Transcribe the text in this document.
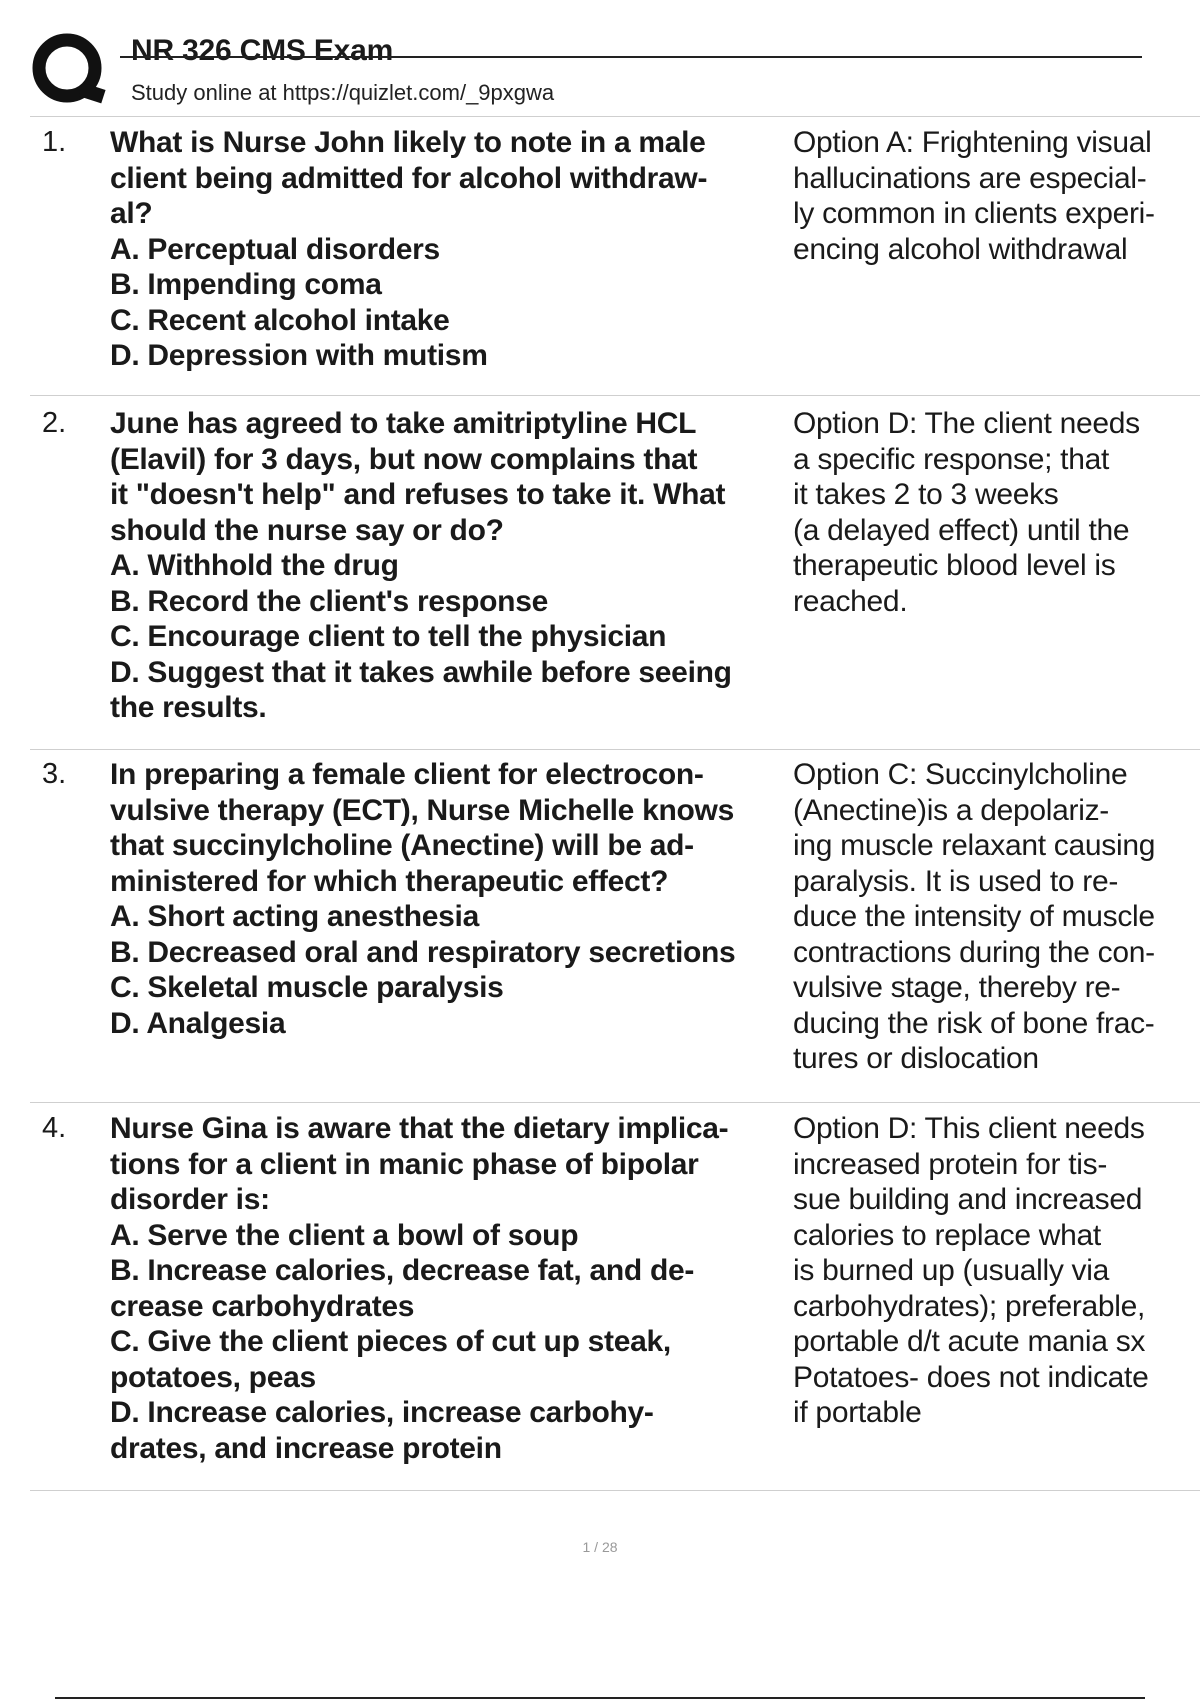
NR 326 CMS Exam
Study online at https://quizlet.com/_9pxgwa
1. What is Nurse John likely to note in a male
client being admitted for alcohol withdraw-
al?
A. Perceptual disorders
B. Impending coma
C. Recent alcohol intake
D. Depression with mutism
Option A: Frightening visual
hallucinations are especial-
ly common in clients experi-
encing alcohol withdrawal
2. June has agreed to take amitriptyline HCL
(Elavil) for 3 days, but now complains that
it "doesn't help" and refuses to take it. What
should the nurse say or do?
A. Withhold the drug
B. Record the client's response
C. Encourage client to tell the physician
D. Suggest that it takes awhile before seeing
the results.
Option D: The client needs
a specific response; that
it takes 2 to 3 weeks
(a delayed effect) until the
therapeutic blood level is
reached.
3. In preparing a female client for electrocon-
vulsive therapy (ECT), Nurse Michelle knows
that succinylcholine (Anectine) will be ad-
ministered for which therapeutic effect?
A. Short acting anesthesia
B. Decreased oral and respiratory secretions
C. Skeletal muscle paralysis
D. Analgesia
Option C: Succinylcholine
(Anectine)is a depolariz-
ing muscle relaxant causing
paralysis. It is used to re-
duce the intensity of muscle
contractions during the con-
vulsive stage, thereby re-
ducing the risk of bone frac-
tures or dislocation
4. Nurse Gina is aware that the dietary implica-
tions for a client in manic phase of bipolar
disorder is:
A. Serve the client a bowl of soup
B. Increase calories, decrease fat, and de-
crease carbohydrates
C. Give the client pieces of cut up steak,
potatoes, peas
D. Increase calories, increase carbohy-
drates, and increase protein
Option D: This client needs
increased protein for tis-
sue building and increased
calories to replace what
is burned up (usually via
carbohydrates); preferable,
portable d/t acute mania sx
Potatoes- does not indicate
if portable
1 / 28
